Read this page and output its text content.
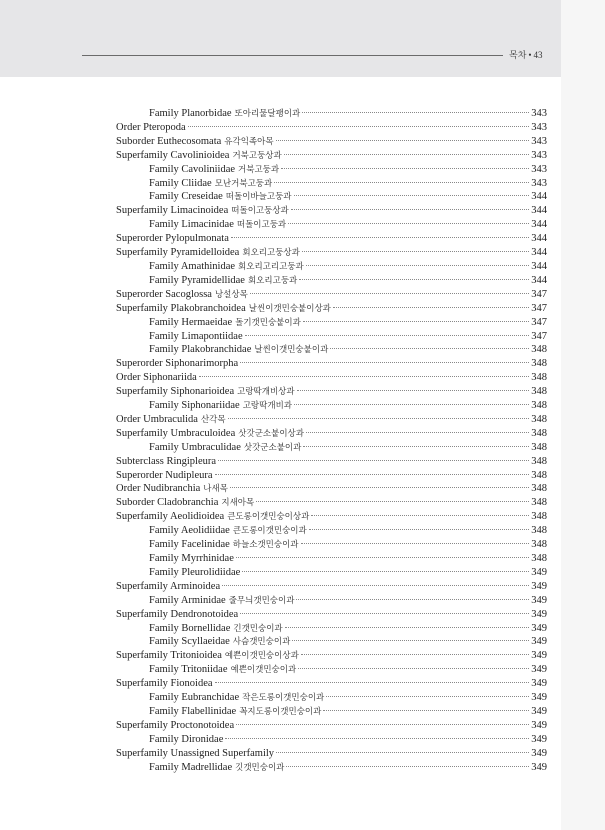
목차 • 43
Family Planorbidae 또아리물달팽이과	343
Order Pteropoda	343
Suborder Euthecosomata 유각익족아목	343
Superfamily Cavolinioidea 거북고둥상과	343
Family Cavoliniidae 거북고둥과	343
Family Cliidae 모난거북고둥과	343
Family Creseidae 떠돌이바늘고둥과	344
Superfamily Limacinoidea 떠돌이고둥상과	344
Family Limacinidae 떠돌이고둥과	344
Superorder Pylopulmonata	344
Superfamily Pyramidelloidea 회오리고둥상과	344
Family Amathinidae 회오리고리고둥과	344
Family Pyramidellidae 회오리고둥과	344
Superorder Sacoglossa 낭설상목	347
Superfamily Plakobranchoidea 날씬이갯민숭붙이상과	347
Family Hermaeidae 돌기갯민숭붙이과	347
Family Limapontiidae	347
Family Plakobranchidae 날씬이갯민숭붙이과	348
Superorder Siphonarimorpha	348
Order Siphonariida	348
Superfamily Siphonarioidea 고랑딱개비상과	348
Family Siphonariidae 고랑딱개비과	348
Order Umbraculida 산각목	348
Superfamily Umbraculoidea 삿갓군소붙이상과	348
Family Umbraculidae 삿갓군소붙이과	348
Subterclass Ringipleura	348
Superorder Nudipleura	348
Order Nudibranchia 나새목	348
Suborder Cladobranchia 지새아목	348
Superfamily Aeolidioidea 큰도롱이갯민숭이상과	348
Family Aeolidiidae 큰도롱이갯민숭이과	348
Family Facelinidae 하늘소갯민숭이과	348
Family Myrrhinidae	348
Family Pleurolidiidae	349
Superfamily Arminoidea	349
Family Arminidae 줄무늬갯민숭이과	349
Superfamily Dendronotoidea	349
Family Bornellidae 긴갯민숭이과	349
Family Scyllaeidae 사슴갯민숭이과	349
Superfamily Tritonioidea 예쁜이갯민숭이상과	349
Family Tritoniidae 예쁜이갯민숭이과	349
Superfamily Fionoidea	349
Family Eubranchidae 작은도롱이갯민숭이과	349
Family Flabellinidae 꼭지도롱이갯민숭이과	349
Superfamily Proctonotoidea	349
Family Dironidae	349
Superfamily Unassigned Superfamily	349
Family Madrellidae 깃갯민숭이과	349
